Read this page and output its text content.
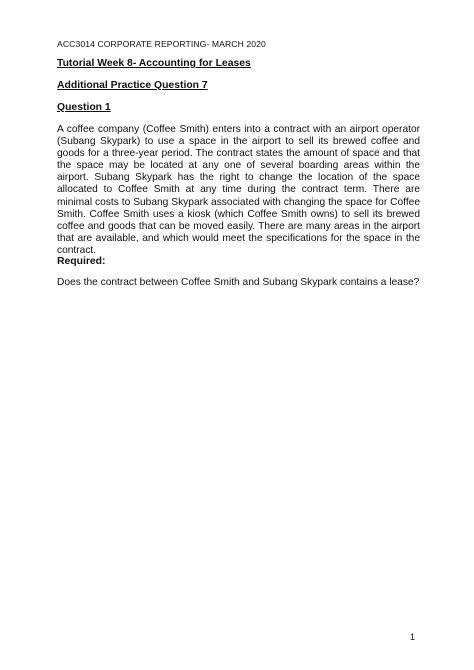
ACC3014 CORPORATE REPORTING- MARCH 2020
Tutorial Week 8- Accounting for Leases
Additional Practice Question 7
Question 1

A coffee company (Coffee Smith) enters into a contract with an airport operator (Subang Skypark) to use a space in the airport to sell its brewed coffee and goods for a three-year period. The contract states the amount of space and that the space may be located at any one of several boarding areas within the airport. Subang Skypark has the right to change the location of the space allocated to Coffee Smith at any time during the contract term. There are minimal costs to Subang Skypark associated with changing the space for Coffee Smith. Coffee Smith uses a kiosk (which Coffee Smith owns) to sell its brewed coffee and goods that can be moved easily. There are many areas in the airport that are available, and which would meet the specifications for the space in the contract.

Required:

Does the contract between Coffee Smith and Subang Skypark contains a lease?

1
